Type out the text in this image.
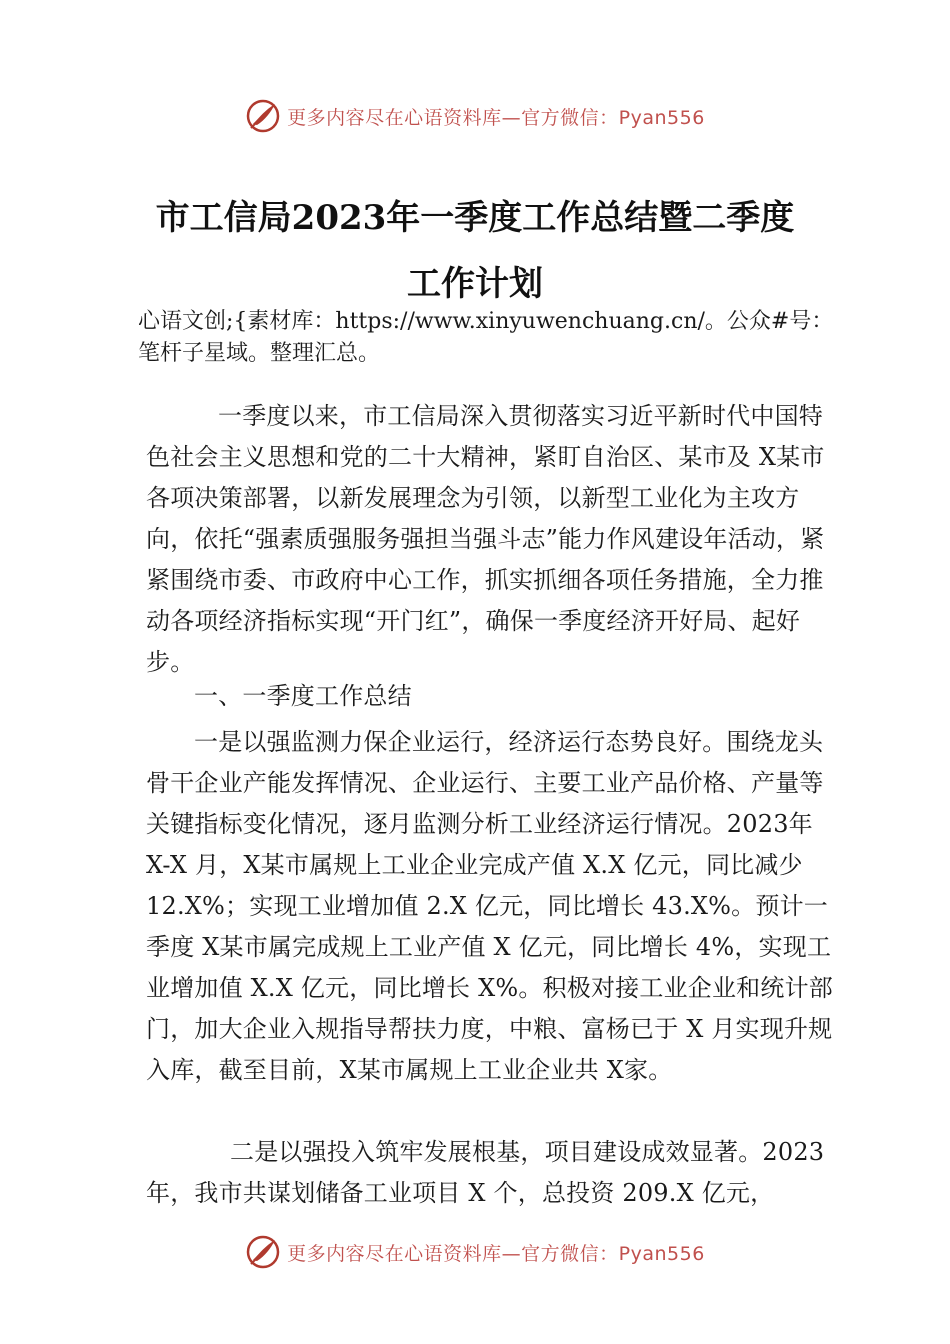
更多内容尽在心语资料库—官方微信：Pyan556
市工信局2023年一季度工作总结暨二季度
工作计划
心语文创;{素材库：https://www.xinyuwenchuang.cn/。公众#号：笔杆子星域。整理汇总。

一季度以来，市工信局深入贯彻落实习近平新时代中国特色社会主义思想和党的二十大精神，紧盯自治区、某市及 X某市各项决策部署，以新发展理念为引领，以新型工业化为主攻方向，依托“强素质强服务强担当强斗志”能力作风建设年活动，紧紧围绕市委、市政府中心工作，抓实抓细各项任务措施，全力推动各项经济指标实现“开门红”，确保一季度经济开好局、起好步。

一、一季度工作总结

一是以强监测力保企业运行，经济运行态势良好。围绕龙头骨干企业产能发挥情况、企业运行、主要工业产品价格、产量等关键指标变化情况，逐月监测分析工业经济运行情况。2023年 X-X 月，X某市属规上工业企业完成产值 X.X 亿元，同比减少 12.X%；实现工业增加值 2.X 亿元，同比增长 43.X%。预计一季度 X某市属完成规上工业产值 X 亿元，同比增长 4%，实现工业增加值 X.X 亿元，同比增长 X%。积极对接工业企业和统计部门，加大企业入规指导帮扶力度，中粮、富杨已于 X 月实现升规入库，截至目前，X某市属规上工业企业共 X家。

二是以强投入筑牢发展根基，项目建设成效显著。2023年，我市共谋划储备工业项目 X 个，总投资 209.X 亿元，

更多内容尽在心语资料库—官方微信：Pyan556
